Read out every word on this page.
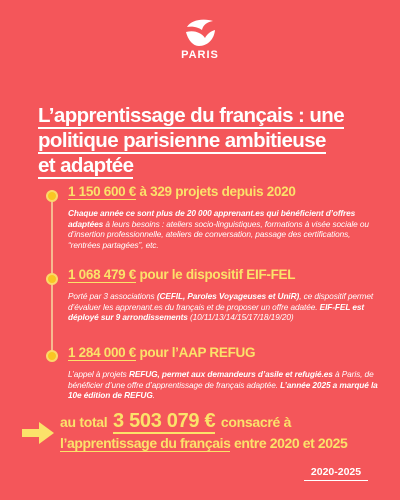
PARIS
L’apprentissage du français : une
politique parisienne ambitieuse
et adaptée
1 150 600 € à 329 projets depuis 2020
Chaque année ce sont plus de 20 000 apprenant.es qui bénéficient d’offres adaptées à leurs besoins : ateliers socio-linguistiques, formations à visée sociale ou d’insertion professionnelle, ateliers de conversation, passage des certifications, “rentrées partagées”, etc.
1 068 479 € pour le dispositif EIF-FEL
Porté par 3 associations (CEFIL, Paroles Voyageuses et UniR), ce dispositif permet d’évaluer les apprenant.es du français et de proposer un offre adatée. EIF-FEL est déployé sur 9 arrondissements (10/11/13/14/15/17/18/19/20)
1 284 000 € pour l’AAP REFUG
L’appel à projets REFUG, permet aux demandeurs d’asile et refugié.es à Paris, de bénéficier d’une offre d’apprentissage de français adaptée. L’année 2025 a marqué la 10e édition de REFUG.
au total 3 503 079 € consacré à
l’apprentissage du français entre 2020 et 2025
2020-2025
